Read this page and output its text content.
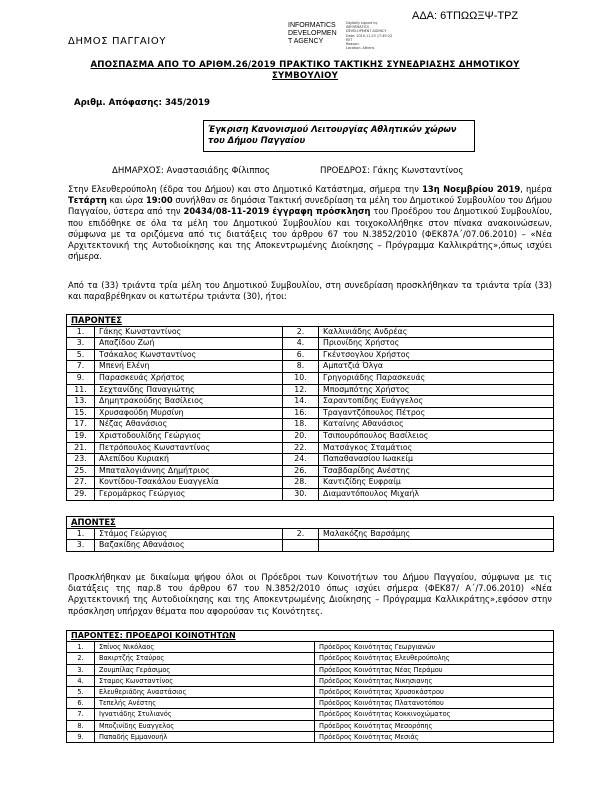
ΑΔΑ: 6ΤΠΩΩΞΨ-ΤΡΖ
ΔΗΜΟΣ ΠΑΓΓΑΙΟΥ
INFORMATICS
DEVELOPMEN
T AGENCY
Digitally signed by
INFORMATICS
DEVELOPMENT AGENCY
Date: 2019.11.25 17:49:23
EET
Reason:
Location: Athens
ΑΠΟΣΠΑΣΜΑ ΑΠΟ ΤΟ ΑΡΙΘΜ.26/2019 ΠΡΑΚΤΙΚΟ ΤΑΚΤΙΚΗΣ ΣΥΝΕΔΡΙΑΣΗΣ ΔΗΜΟΤΙΚΟΥ ΣΥΜΒΟΥΛΙΟΥ
Αριθμ. Απόφασης: 345/2019
Έγκριση Κανονισμού Λειτουργίας Αθλητικών χώρων του Δήμου Παγγαίου
ΔΗΜΑΡΧΟΣ: Αναστασιάδης Φίλιππος	ΠΡΟΕΔΡΟΣ: Γάκης Κωνσταντίνος
Στην Ελευθερούπολη (έδρα του Δήμου) και στο Δημοτικό Κατάστημα, σήμερα την 13η Νοεμβρίου 2019, ημέρα Τετάρτη και ώρα 19:00 συνήλθαν σε δημόσια Τακτική συνεδρίαση τα μέλη του Δημοτικού Συμβουλίου του Δήμου Παγγαίου, ύστερα από την 20434/08-11-2019 έγγραφη πρόσκληση του Προέδρου του Δημοτικού Συμβουλίου, που επιδόθηκε σε όλα τα μέλη του Δημοτικού Συμβουλίου και τοιχοκολλήθηκε στον πίνακα ανακοινώσεων, σύμφωνα με τα οριζόμενα από τις διατάξεις του άρθρου 67 του Ν.3852/2010 (ΦΕΚ87Α΄/07.06.2010) – «Νέα Αρχιτεκτονική της Αυτοδιοίκησης και της Αποκεντρωμένης Διοίκησης – Πρόγραμμα Καλλικράτης»,όπως ισχύει σήμερα.
Από τα (33) τριάντα τρία μέλη του Δημοτικού Συμβουλίου, στη συνεδρίαση προσκλήθηκαν τα τριάντα τρία (33) και παραβρέθηκαν οι κατωτέρω τριάντα (30), ήτοι:
ΠΑΡΟΝΤΕΣ			
1.	Γάκης Κωνσταντίνος	2.	Καλλινιάδης Ανδρέας
3.	Απαζίδου Ζωή	4.	Πριονίδης Χρήστος
5.	Τσάκαλος Κωνσταντίνος	6.	Γκέντσογλου Χρήστος
7.	Μπενή Ελένη	8.	Αμπατζιά Όλγα
9.	Παρασκευάς Χρήστος	10.	Γρηγοριάδης Παρασκευάς
11.	Σεχτανίδης Παναγιώτης	12.	Μποσμπότης Χρήστος
13.	Δημητρακούδης Βασίλειος	14.	Σαραντοπίδης Ευάγγελος
15.	Χρυσαφούδη Μυρσίνη	16.	Τραγαντζόπουλος Πέτρος
17.	Νέζας Αθανάσιος	18.	Καταίνης Αθανάσιος
19.	Χριστοδουλίδης Γεώργιος	20.	Τσιπουρόπουλος Βασίλειος
21.	Πετρόπουλος Κωνσταντίνος	22.	Ματσάγκος Σταμάτιος
23.	Αλεπίδου Κυριακή	24.	Παπαθανασίου Ιωακείμ
25.	Μπαταλογιάννης Δημήτριος	26.	Τσαβδαρίδης Ανέστης
27.	Κοντίδου-Τσακάλου Ευαγγελία	28.	Καντιζίδης Ευφραίμ
29.	Γερομάρκος Γεώργιος	30.	Διαμαντόπουλος Μιχαήλ
ΑΠΟΝΤΕΣ			
1.	Στάμος Γεώργιος	2.	Μαλακόζης Βαρσάμης
3.	Βαζακίδης Αθανάσιος		
Προσκλήθηκαν με δικαίωμα ψήφου όλοι οι Πρόεδροι των Κοινοτήτων του Δήμου Παγγαίου, σύμφωνα με τις διατάξεις της παρ.8 του άρθρου 67 του Ν.3852/2010 όπως ισχύει σήμερα (ΦΕΚ87/ Α΄/7.06.2010) «Νέα Αρχιτεκτονική της Αυτοδιοίκησης και της Αποκεντρωμένης Διοίκησης – Πρόγραμμα Καλλικράτης»,εφόσον στην πρόσκληση υπήρχαν θέματα που αφορούσαν τις Κοινότητες.
ΠΑΡΟΝΤΕΣ: ΠΡΟΕΔΡΟΙ ΚΟΙΝΟΤΗΤΩΝ		
1.	Σπίνος Νικόλαος	Πρόεδρος Κοινότητας Γεωργιανών
2.	Βακιρτζής Σταύρος	Πρόεδρος Κοινότητας Ελευθερούπολης
3.	Ζουμπίλας Γεράσιμος	Πρόεδρος Κοινότητας Νέας Περάμου
4.	Σταμος Κωνσταντίνος	Πρόεδρος Κοινότητας Νικησιανης
5.	Ελευθεριάδης Αναστάσιος	Πρόεδρος Κοινότητας Χρυσοκάστρου
6.	Τεπελής Ανέστης	Πρόεδρος Κοινότητας Πλατανοτόπου
7.	Ιγνατιάδης Στυλιανός	Πρόεδρος Κοινότητας Κοκκινοχώματος
8.	Μποζινίδης Ευαγγελος	Πρόεδρος Κοινότητας Μεσορόπης
9.	Παπαδής Εμμανουήλ	Πρόεδρος Κοινότητας Μεσιάς
